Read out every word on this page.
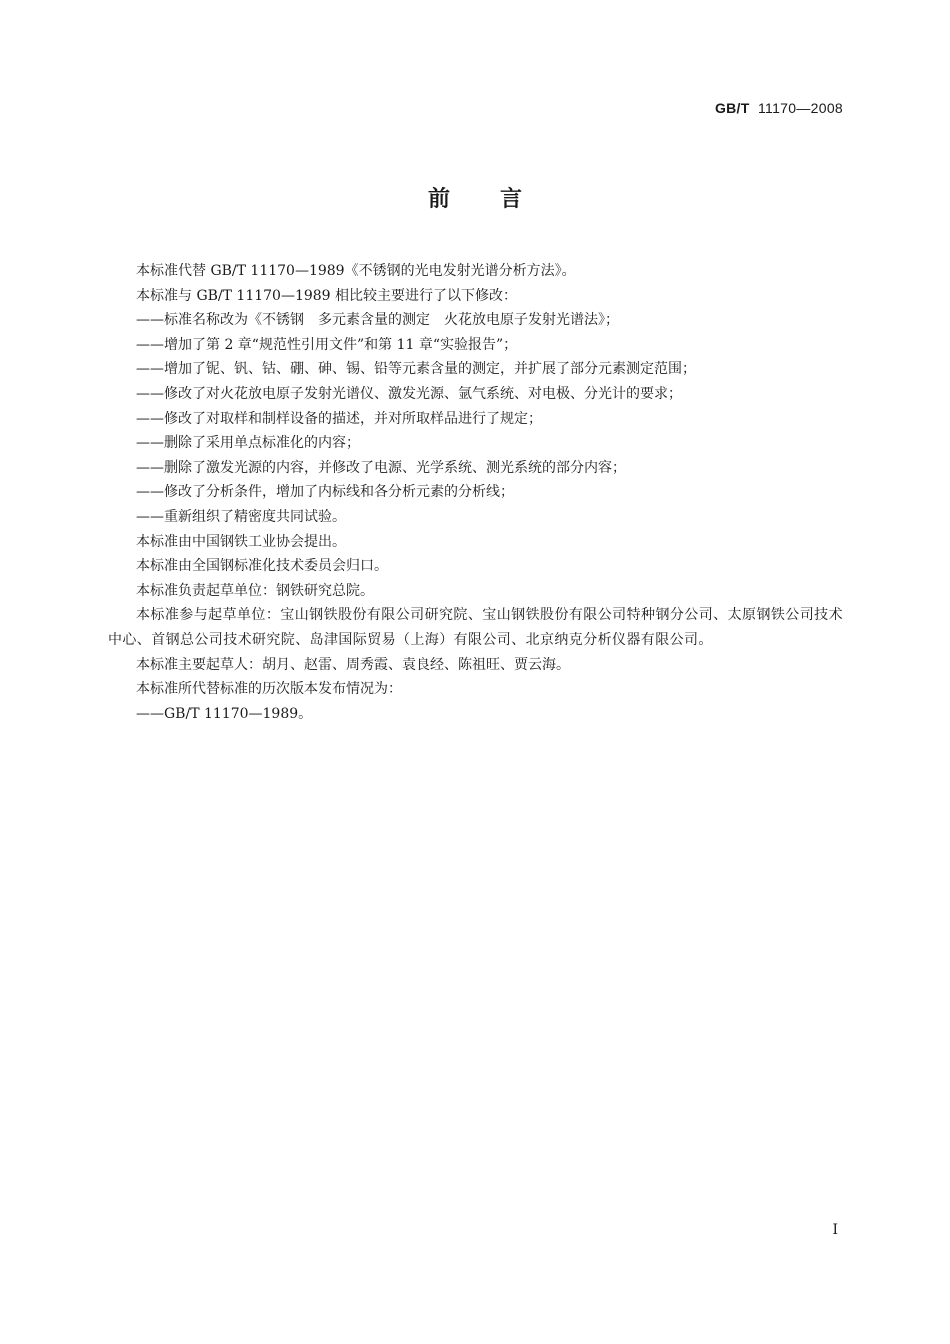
GB/T 11170—2008
前言

本标准代替 GB/T 11170—1989《不锈钢的光电发射光谱分析方法》。

本标准与 GB/T 11170—1989 相比较主要进行了以下修改：

——标准名称改为《不锈钢　多元素含量的测定　火花放电原子发射光谱法》；

——增加了第 2 章“规范性引用文件”和第 11 章“实验报告”；

——增加了铌、钒、钴、硼、砷、锡、铅等元素含量的测定，并扩展了部分元素测定范围；

——修改了对火花放电原子发射光谱仪、激发光源、氩气系统、对电极、分光计的要求；

——修改了对取样和制样设备的描述，并对所取样品进行了规定；

——删除了采用单点标准化的内容；

——删除了激发光源的内容，并修改了电源、光学系统、测光系统的部分内容；

——修改了分析条件，增加了内标线和各分析元素的分析线；

——重新组织了精密度共同试验。

本标准由中国钢铁工业协会提出。

本标准由全国钢标准化技术委员会归口。

本标准负责起草单位：钢铁研究总院。

本标准参与起草单位：宝山钢铁股份有限公司研究院、宝山钢铁股份有限公司特种钢分公司、太原钢铁公司技术中心、首钢总公司技术研究院、岛津国际贸易（上海）有限公司、北京纳克分析仪器有限公司。

本标准主要起草人：胡月、赵雷、周秀霞、袁良经、陈祖旺、贾云海。

本标准所代替标准的历次版本发布情况为：

——GB/T 11170—1989。

I
